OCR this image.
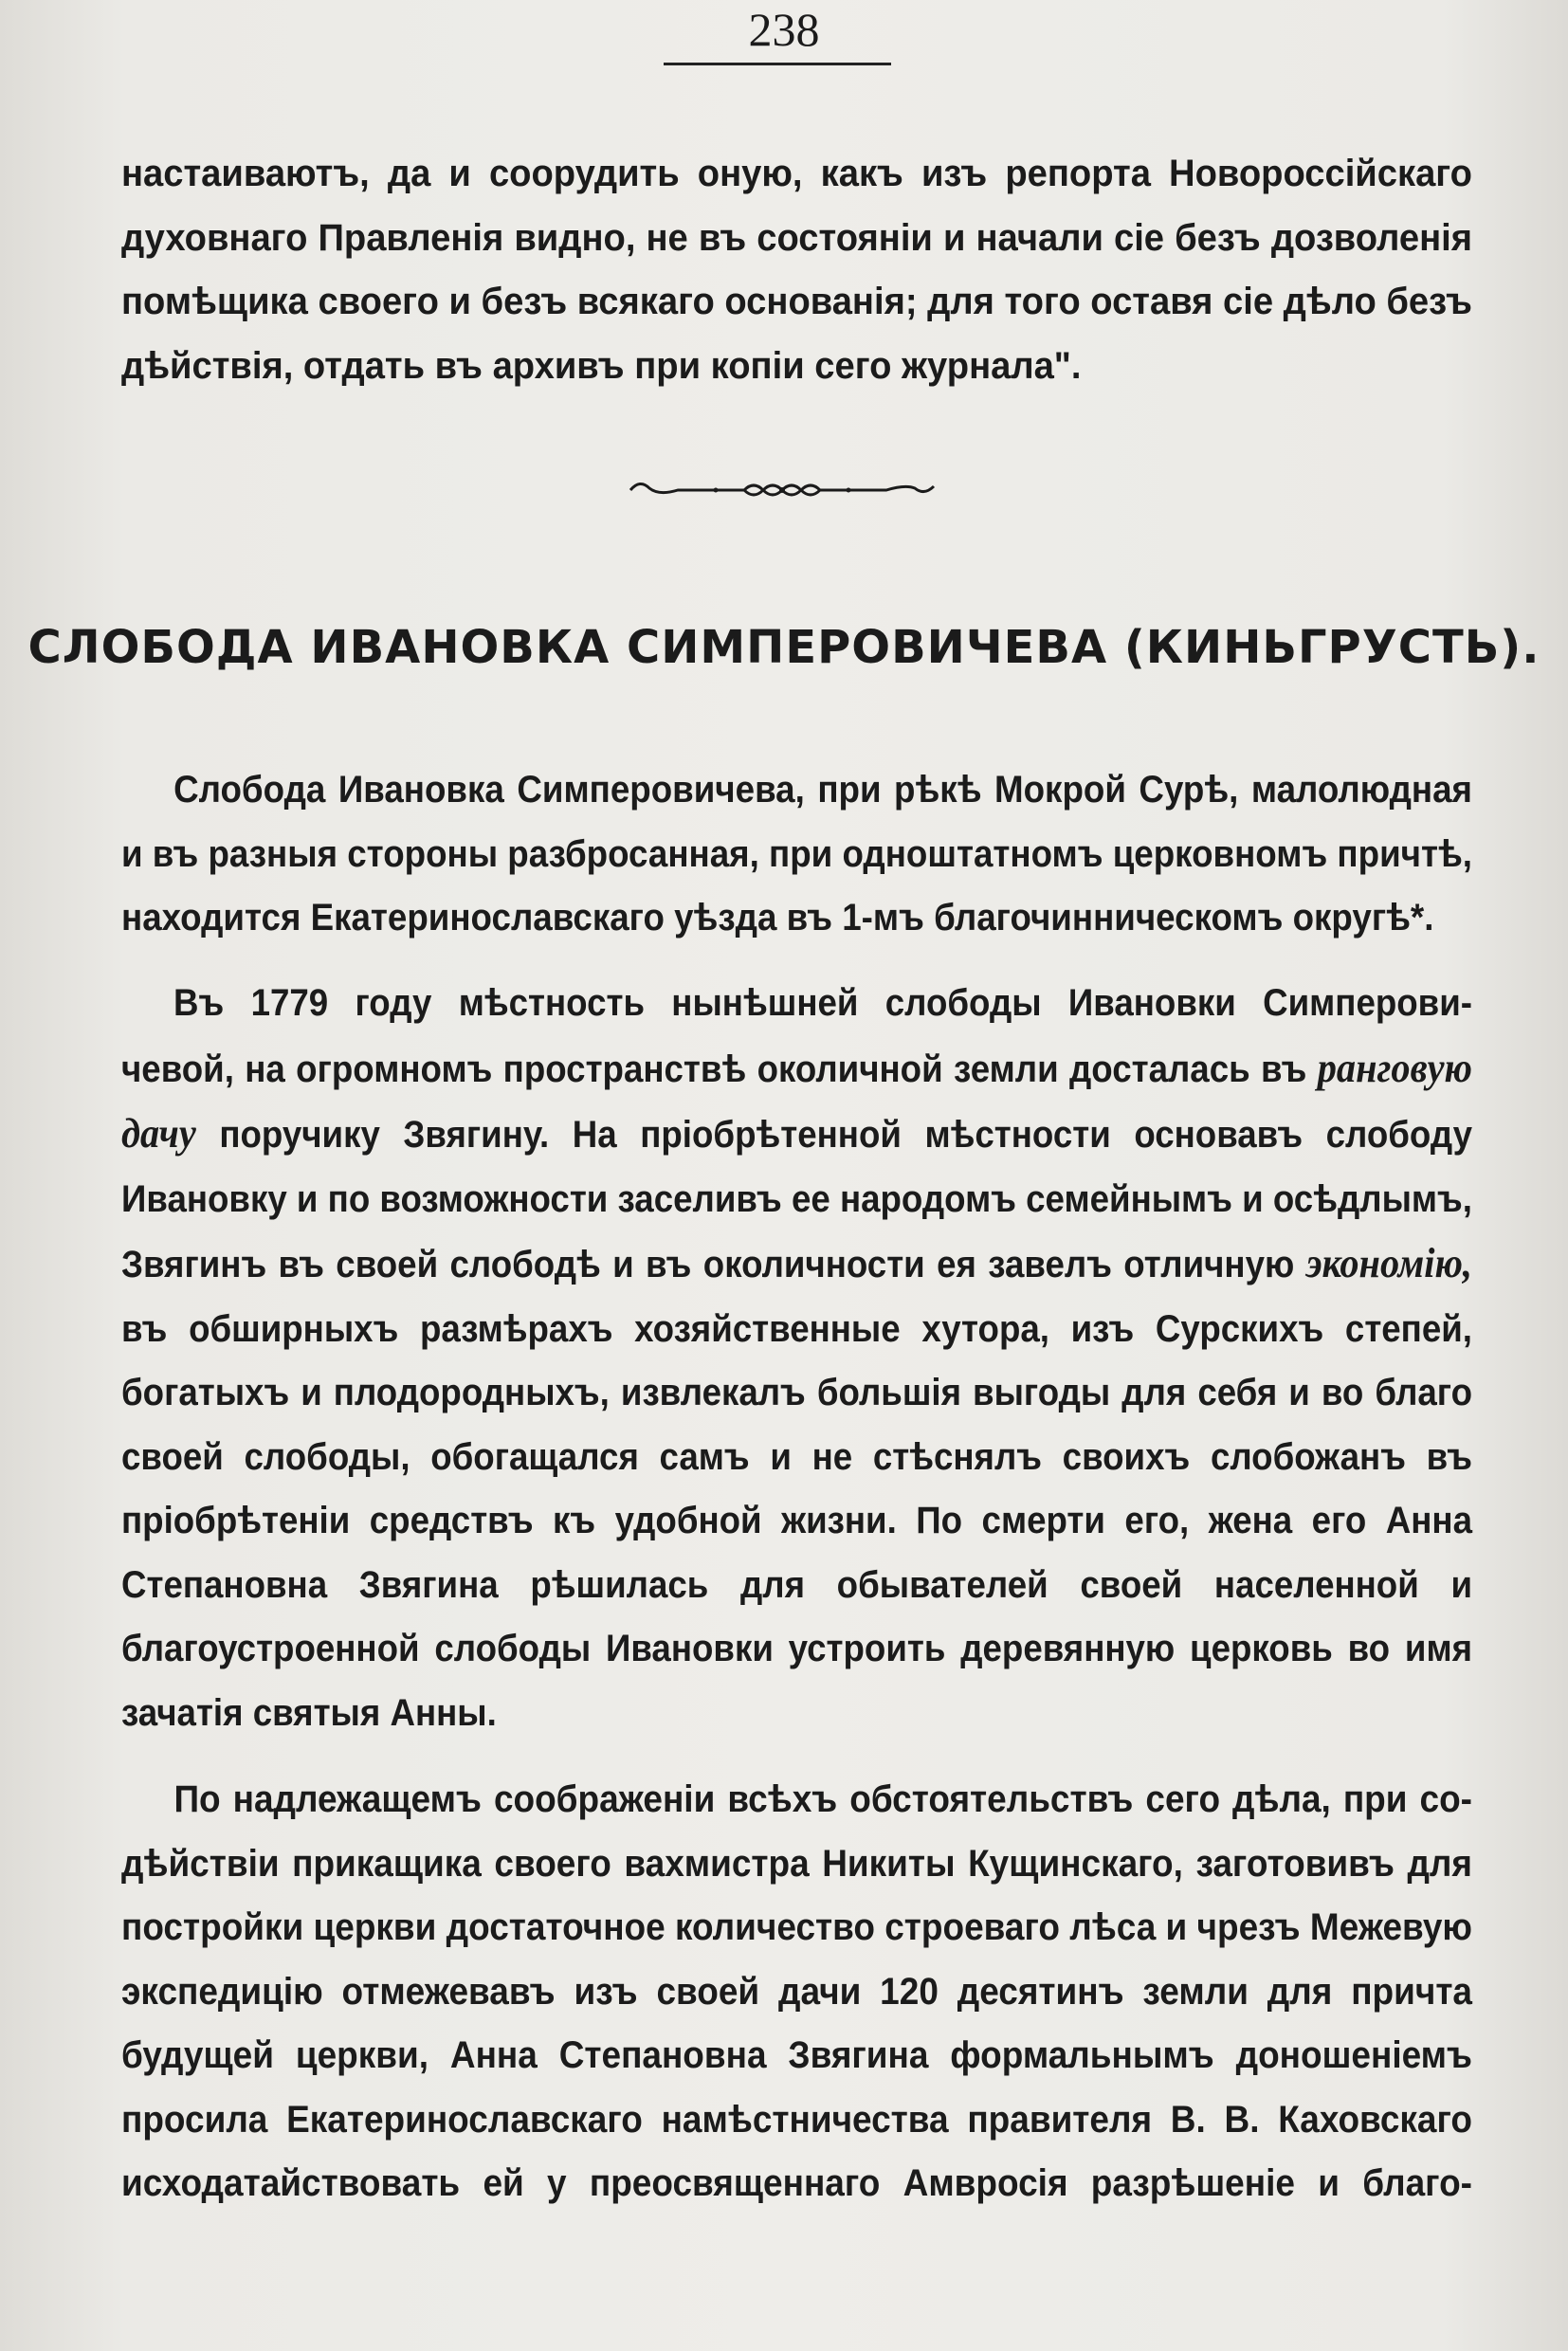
238
настаиваютъ, да и соорудить оную, какъ изъ репорта Новороссійскаго
духовнаго Правленія видно, не въ состояніи и начали сіе безъ дозволенія
помѣщика своего и безъ всякаго основанія; для того оставя сіе дѣло безъ
дѣйствія, отдать въ архивъ при копіи сего журнала".
СЛОБОДА ИВАНОВКА СИМПЕРОВИЧЕВА (КИНЬГРУСТЬ).
Слобода Ивановка Симперовичева, при рѣкѣ Мокрой Сурѣ, малолюдная
и въ разныя стороны разбросанная, при одноштатномъ церковномъ причтѣ,
находится Екатеринославскаго уѣзда въ 1-мъ благочинническомъ округѣ*.
Въ 1779 году мѣстность нынѣшней слободы Ивановки Симперови-
чевой, на огромномъ пространствѣ околичной земли досталась въ ранговую
дачу поручику Звягину. На пріобрѣтенной мѣстности основавъ слободу
Ивановку и по возможности заселивъ ее народомъ семейнымъ и осѣдлымъ,
Звягинъ въ своей слободѣ и въ околичности ея завелъ отличную экономію,
въ обширныхъ размѣрахъ хозяйственные хутора, изъ Сурскихъ степей,
богатыхъ и плодородныхъ, извлекалъ большія выгоды для себя и во благо
своей слободы, обогащался самъ и не стѣснялъ своихъ слобожанъ въ
пріобрѣтеніи средствъ къ удобной жизни. По смерти его, жена его Анна
Степановна Звягина рѣшилась для обывателей своей населенной и
благоустроенной слободы Ивановки устроить деревянную церковь во имя
зачатія святыя Анны.
По надлежащемъ соображеніи всѣхъ обстоятельствъ сего дѣла, при со-
дѣйствіи прикащика своего вахмистра Никиты Кущинскаго, заготовивъ для
постройки церкви достаточное количество строеваго лѣса и чрезъ Межевую
экспедицію отмежевавъ изъ своей дачи 120 десятинъ земли для причта
будущей церкви, Анна Степановна Звягина формальнымъ доношеніемъ
просила Екатеринославскаго намѣстничества правителя В. В. Каховскаго
исходатайствовать ей у преосвященнаго Амвросія разрѣшеніе и благо-
